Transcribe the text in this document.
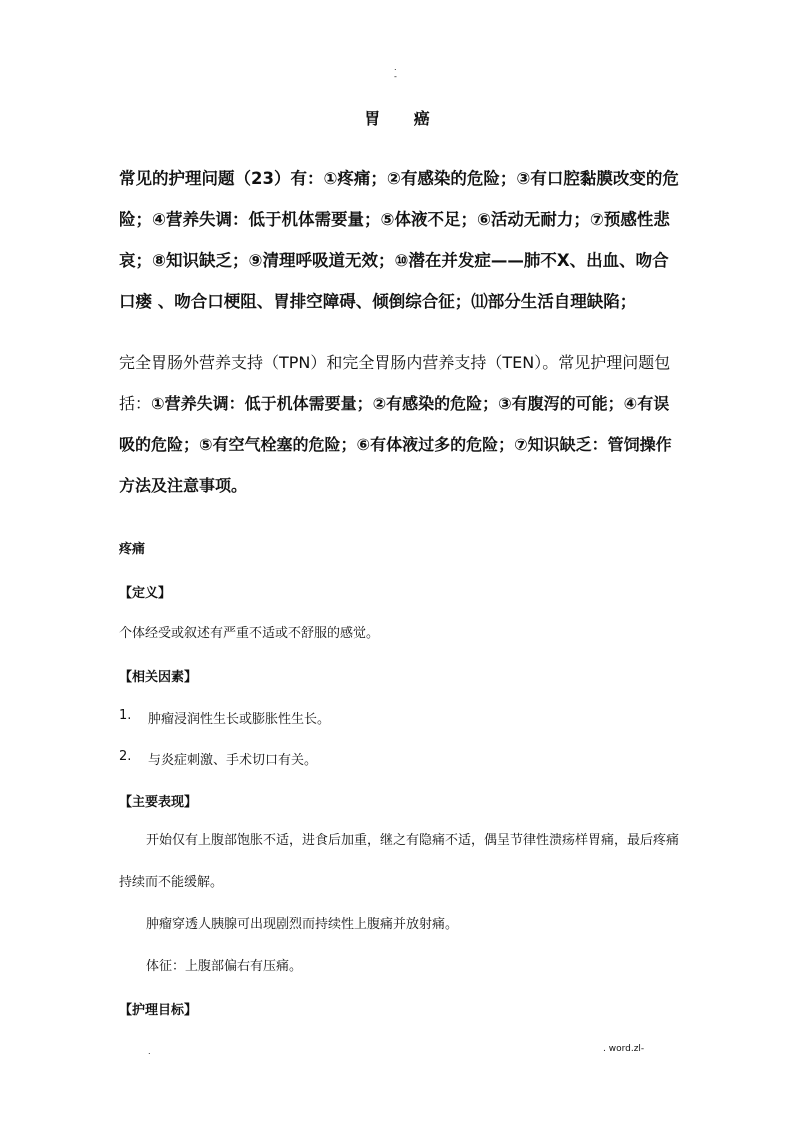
.
-
胃 癌
常见的护理问题（23）有：①疼痛；②有感染的危险；③有口腔黏膜改变的危险；④营养失调：低于机体需要量；⑤体液不足；⑥活动无耐力；⑦预感性悲哀；⑧知识缺乏；⑨清理呼吸道无效；⑩潜在并发症——肺不X、出血、吻合口瘘 、吻合口梗阻、胃排空障碍、倾倒综合征；⑾部分生活自理缺陷；
完全胃肠外营养支持（TPN）和完全胃肠内营养支持（TEN）。常见护理问题包括：①营养失调：低于机体需要量；②有感染的危险；③有腹泻的可能；④有误吸的危险；⑤有空气栓塞的危险；⑥有体液过多的危险；⑦知识缺乏：管饲操作方法及注意事项。
疼痛
【定义】
个体经受或叙述有严重不适或不舒服的感觉。
【相关因素】
1. 肿瘤浸润性生长或膨胀性生长。
2. 与炎症刺激、手术切口有关。
【主要表现】
开始仅有上腹部饱胀不适，进食后加重，继之有隐痛不适，偶呈节律性溃疡样胃痛，最后疼痛持续而不能缓解。
肿瘤穿透人胰腺可出现剧烈而持续性上腹痛并放射痛。
体征：上腹部偏右有压痛。
【护理目标】
.	. word.zl-
